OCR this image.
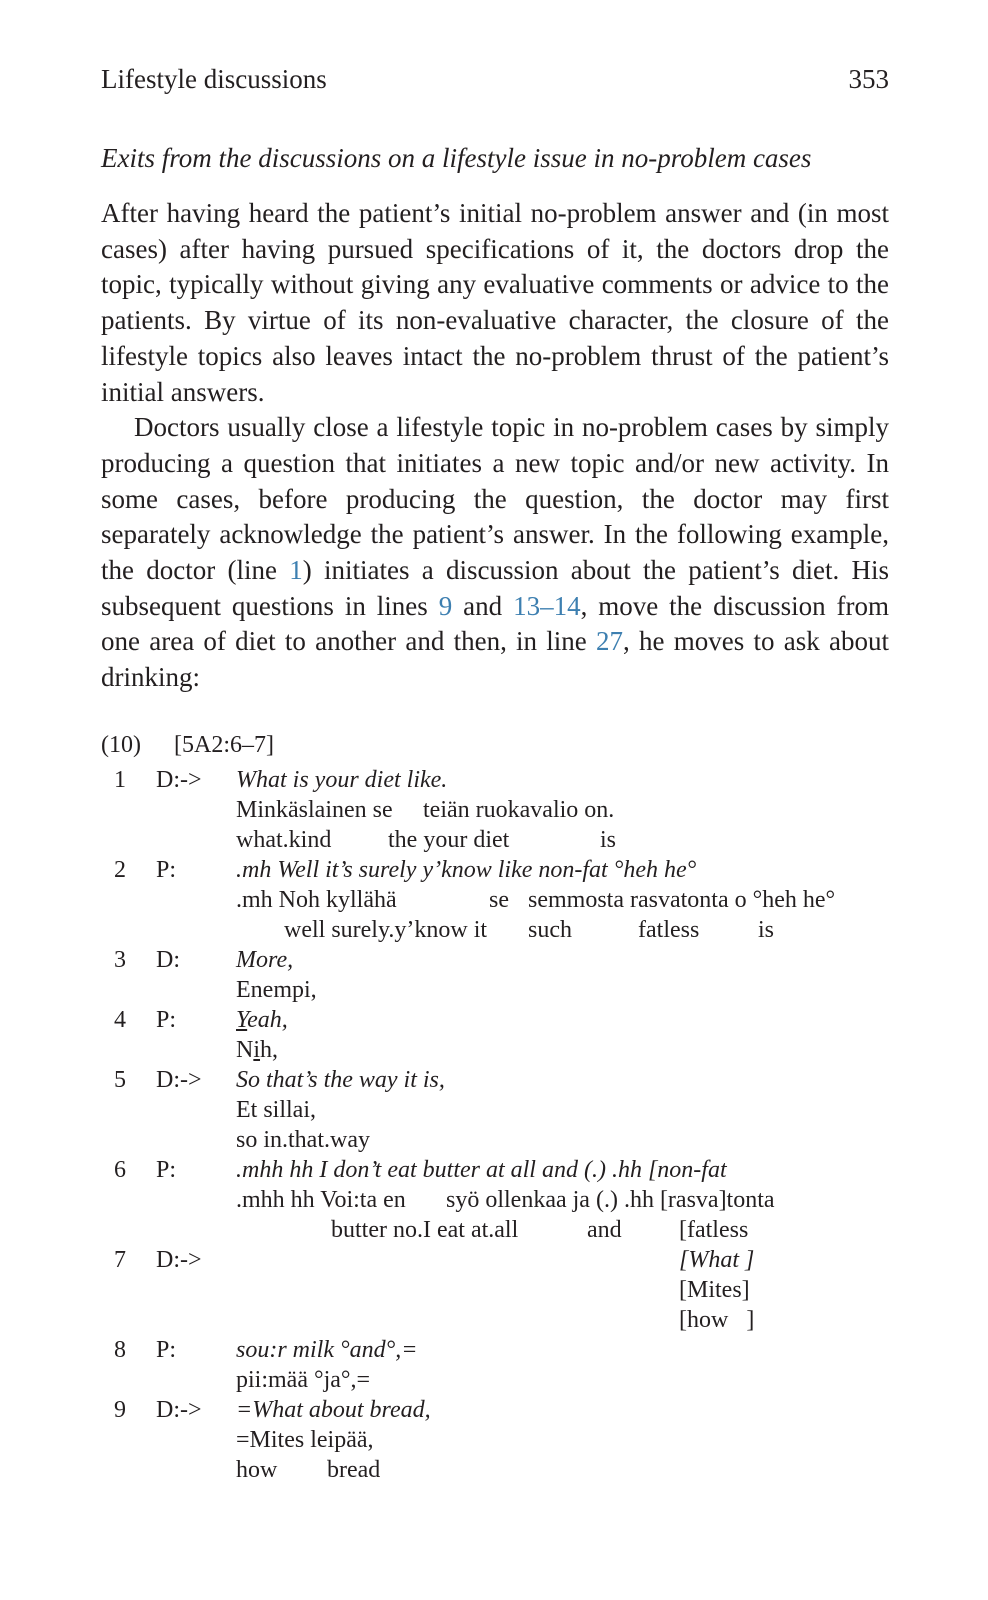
Lifestyle discussions	353
Exits from the discussions on a lifestyle issue in no-problem cases

After having heard the patient’s initial no-problem answer and (in most cases) after having pursued specifications of it, the doctors drop the topic, typically without giving any evaluative comments or advice to the patients. By virtue of its non-evaluative character, the closure of the lifestyle topics also leaves intact the no-problem thrust of the patient’s initial answers.

Doctors usually close a lifestyle topic in no-problem cases by simply producing a question that initiates a new topic and/or new activity. In some cases, before producing the question, the doctor may first separately acknowledge the patient’s answer. In the following example, the doctor (line 1) initiates a discussion about the patient’s diet. His subsequent questions in lines 9 and 13–14, move the discussion from one area of diet to another and then, in line 27, he moves to ask about drinking:

(10) [5A2:6–7]
1 D:-> What is your diet like.
Minkäslainen se teiän ruokavalio on.
what.kind the your diet	is
2 P: .mh Well it’s surely y’know like non-fat °heh he°
.mh Noh kyllähä	se semmosta rasvatonta o °heh he°
well surely.y’know it such	fatless is
3 D: More,
Enempi,
4 P: Yeah,
Nih,
5 D:-> So that’s the way it is,
Et sillai,
so in.that.way
6 P: .mhh hh I don’t eat butter at all and (.) .hh [non-fat
.mhh hh Voi:ta en syö ollenkaa ja (.) .hh [rasva]tonta
butter no.I eat at.all	and [fatless
7 D:->	[What ]
[Mites]
[how   ]
8 P: sou:r milk °and°,=
pii:mää °ja°,=
9 D:-> =What about bread,
=Mites leipää,
how bread
